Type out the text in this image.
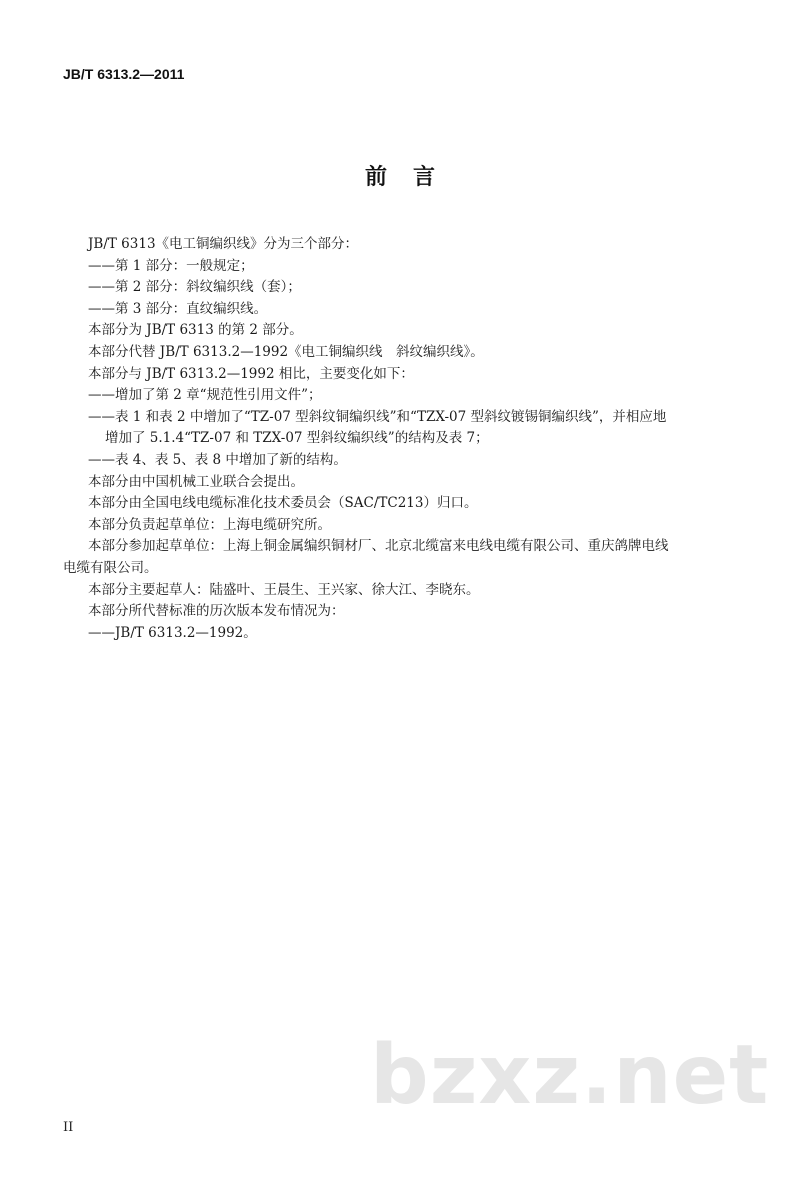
JB/T 6313.2—2011
前言
JB/T 6313《电工铜编织线》分为三个部分：
——第 1 部分：一般规定；
——第 2 部分：斜纹编织线（套）；
——第 3 部分：直纹编织线。
本部分为 JB/T 6313 的第 2 部分。
本部分代替 JB/T 6313.2—1992《电工铜编织线　斜纹编织线》。
本部分与 JB/T 6313.2—1992 相比，主要变化如下：
——增加了第 2 章“规范性引用文件”；
——表 1 和表 2 中增加了“TZ-07 型斜纹铜编织线”和“TZX-07 型斜纹镀锡铜编织线”，并相应地
增加了 5.1.4“TZ-07 和 TZX-07 型斜纹编织线”的结构及表 7；
——表 4、表 5、表 8 中增加了新的结构。
本部分由中国机械工业联合会提出。
本部分由全国电线电缆标准化技术委员会（SAC/TC213）归口。
本部分负责起草单位：上海电缆研究所。
本部分参加起草单位：上海上铜金属编织铜材厂、北京北缆富来电线电缆有限公司、重庆鸽牌电线
电缆有限公司。
本部分主要起草人：陆盛叶、王晨生、王兴家、徐大江、李晓东。
本部分所代替标准的历次版本发布情况为：
——JB/T 6313.2—1992。
bzxz.net
II
